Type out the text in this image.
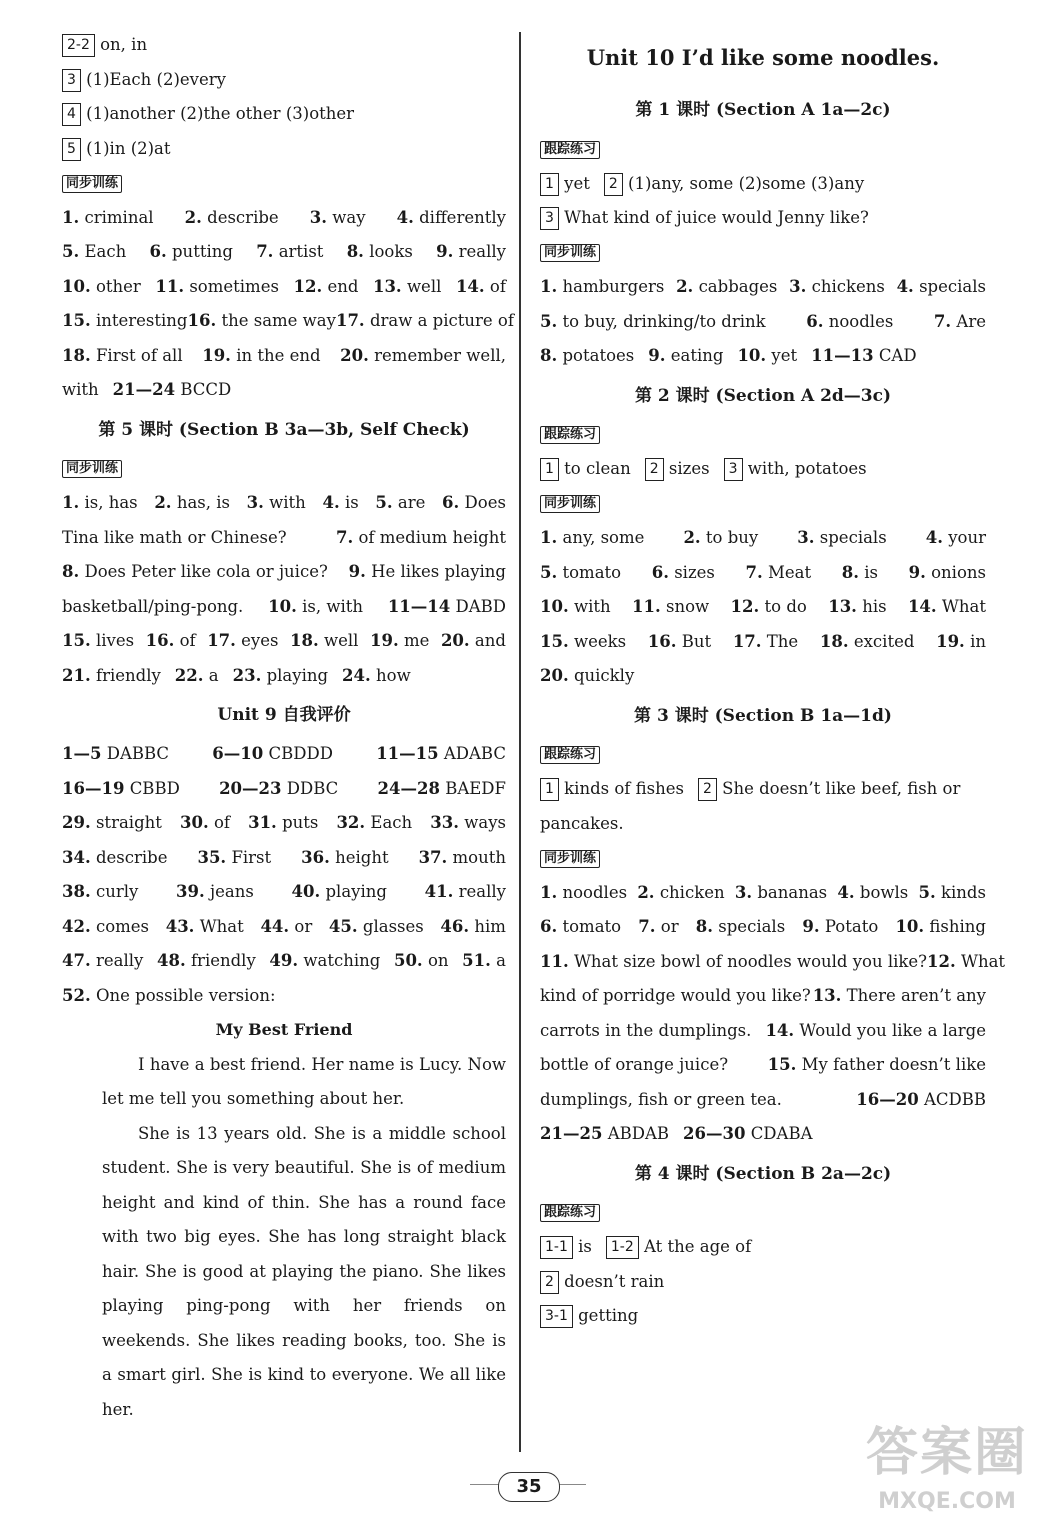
2-2 on, in
3 (1)Each (2)every
4 (1)another (2)the other (3)other
5 (1)in (2)at
同步训练
1. criminal 2. describe 3. way 4. differently
5. Each 6. putting 7. artist 8. looks 9. really
10. other 11. sometimes 12. end 13. well 14. of
15. interesting 16. the same way 17. draw a picture of
18. First of all 19. in the end 20. remember well,
with 21—24 BCCD
第 5 课时 (Section B 3a—3b, Self Check)
同步训练
1. is, has 2. has, is 3. with 4. is 5. are 6. Does
Tina like math or Chinese?	7. of medium height
8. Does Peter like cola or juice? 9. He likes playing
basketball/ping-pong. 10. is, with 11—14 DABD
15. lives 16. of 17. eyes 18. well 19. me 20. and
21. friendly 22. a 23. playing 24. how
Unit 9 自我评价
1—5 DABBC	6—10 CBDDD	11—15 ADABC
16—19 CBBD 20—23 DDBC 24—28 BAEDF
29. straight 30. of 31. puts 32. Each 33. ways
34. describe 35. First 36. height 37. mouth
38. curly 39. jeans 40. playing 41. really
42. comes 43. What 44. or 45. glasses 46. him
47. really 48. friendly 49. watching 50. on 51. a
52. One possible version:
My Best Friend
I have a best friend. Her name is Lucy. Now let me tell you something about her.
She is 13 years old. She is a middle school student. She is very beautiful. She is of medium height and kind of thin. She has a round face with two big eyes. She has long straight black hair. She is good at playing the piano. She likes playing ping-pong with her friends on weekends. She likes reading books, too. She is a smart girl. She is kind to everyone. We all like her.
Unit 10 I’d like some noodles.
第 1 课时 (Section A 1a—2c)
跟踪练习
1 yet 2 (1)any, some (2)some (3)any
3 What kind of juice would Jenny like?
同步训练
1. hamburgers 2. cabbages 3. chickens 4. specials
5. to buy, drinking/to drink 6. noodles 7. Are
8. potatoes 9. eating 10. yet 11—13 CAD
第 2 课时 (Section A 2d—3c)
跟踪练习
1 to clean 2 sizes 3 with, potatoes
同步训练
1. any, some 2. to buy 3. specials 4. your
5. tomato 6. sizes 7. Meat 8. is 9. onions
10. with 11. snow 12. to do 13. his 14. What
15. weeks 16. But 17. The 18. excited 19. in
20. quickly
第 3 课时 (Section B 1a—1d)
跟踪练习
1 kinds of fishes 2 She doesn’t like beef, fish or
pancakes.
同步训练
1. noodles 2. chicken 3. bananas 4. bowls 5. kinds
6. tomato 7. or 8. specials 9. Potato 10. fishing
11. What size bowl of noodles would you like? 12. What
kind of porridge would you like? 13. There aren’t any
carrots in the dumplings. 14. Would you like a large
bottle of orange juice? 15. My father doesn’t like
dumplings, fish or green tea.	16—20 ACDBB
21—25 ABDAB 26—30 CDABA
第 4 课时 (Section B 2a—2c)
跟踪练习
1-1 is 1-2 At the age of
2 doesn’t rain
3-1 getting
35
答案圈
MXQE.COM
